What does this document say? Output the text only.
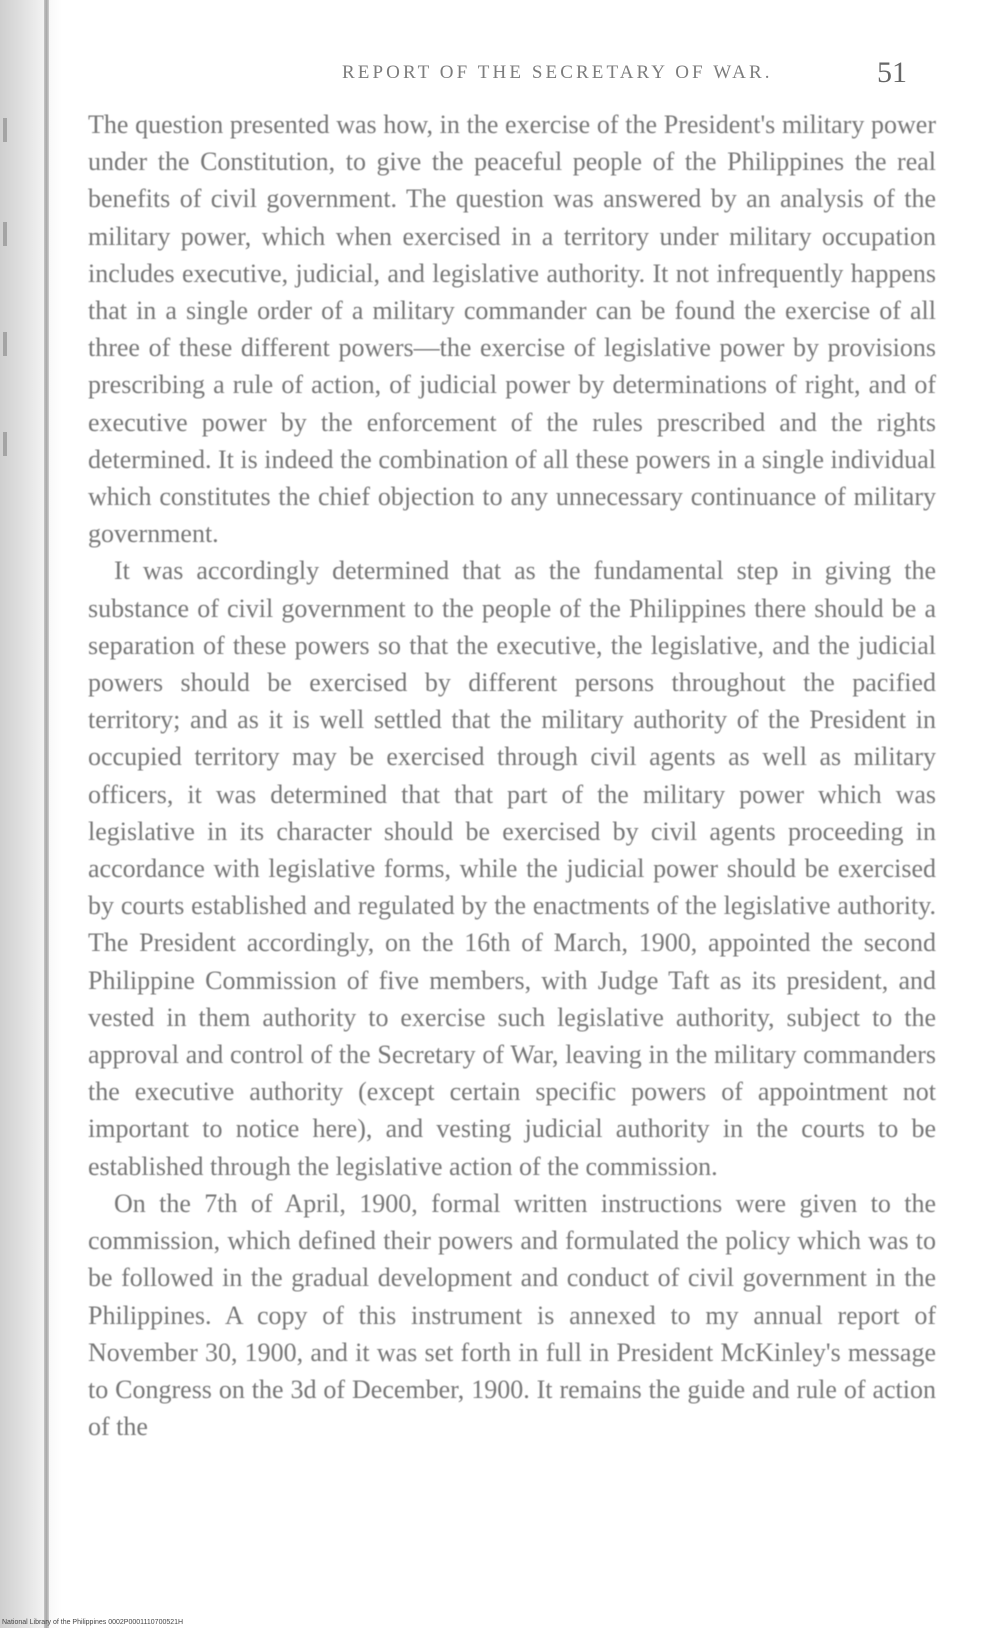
REPORT OF THE SECRETARY OF WAR.	51

The question presented was how, in the exercise of the President's military power under the Constitution, to give the peaceful people of the Philippines the real benefits of civil government. The question was answered by an analysis of the military power, which when exercised in a territory under military occupation includes executive, judicial, and legislative authority. It not infrequently happens that in a single order of a military commander can be found the exercise of all three of these different powers—the exercise of legislative power by provisions prescribing a rule of action, of judicial power by determinations of right, and of executive power by the enforcement of the rules prescribed and the rights determined. It is indeed the combination of all these powers in a single individual which constitutes the chief objection to any unnecessary continuance of military government.

It was accordingly determined that as the fundamental step in giving the substance of civil government to the people of the Philippines there should be a separation of these powers so that the executive, the legislative, and the judicial powers should be exercised by different persons throughout the pacified territory; and as it is well settled that the military authority of the President in occupied territory may be exercised through civil agents as well as military officers, it was determined that that part of the military power which was legislative in its character should be exercised by civil agents proceeding in accordance with legislative forms, while the judicial power should be exercised by courts established and regulated by the enactments of the legislative authority. The President accordingly, on the 16th of March, 1900, appointed the second Philippine Commission of five members, with Judge Taft as its president, and vested in them authority to exercise such legislative authority, subject to the approval and control of the Secretary of War, leaving in the military commanders the executive authority (except certain specific powers of appointment not important to notice here), and vesting judicial authority in the courts to be established through the legislative action of the commission.

On the 7th of April, 1900, formal written instructions were given to the commission, which defined their powers and formulated the policy which was to be followed in the gradual development and conduct of civil government in the Philippines. A copy of this instrument is annexed to my annual report of November 30, 1900, and it was set forth in full in President McKinley's message to Congress on the 3d of December, 1900. It remains the guide and rule of action of the

National Library of the Philippines 0002P0001110700521H
